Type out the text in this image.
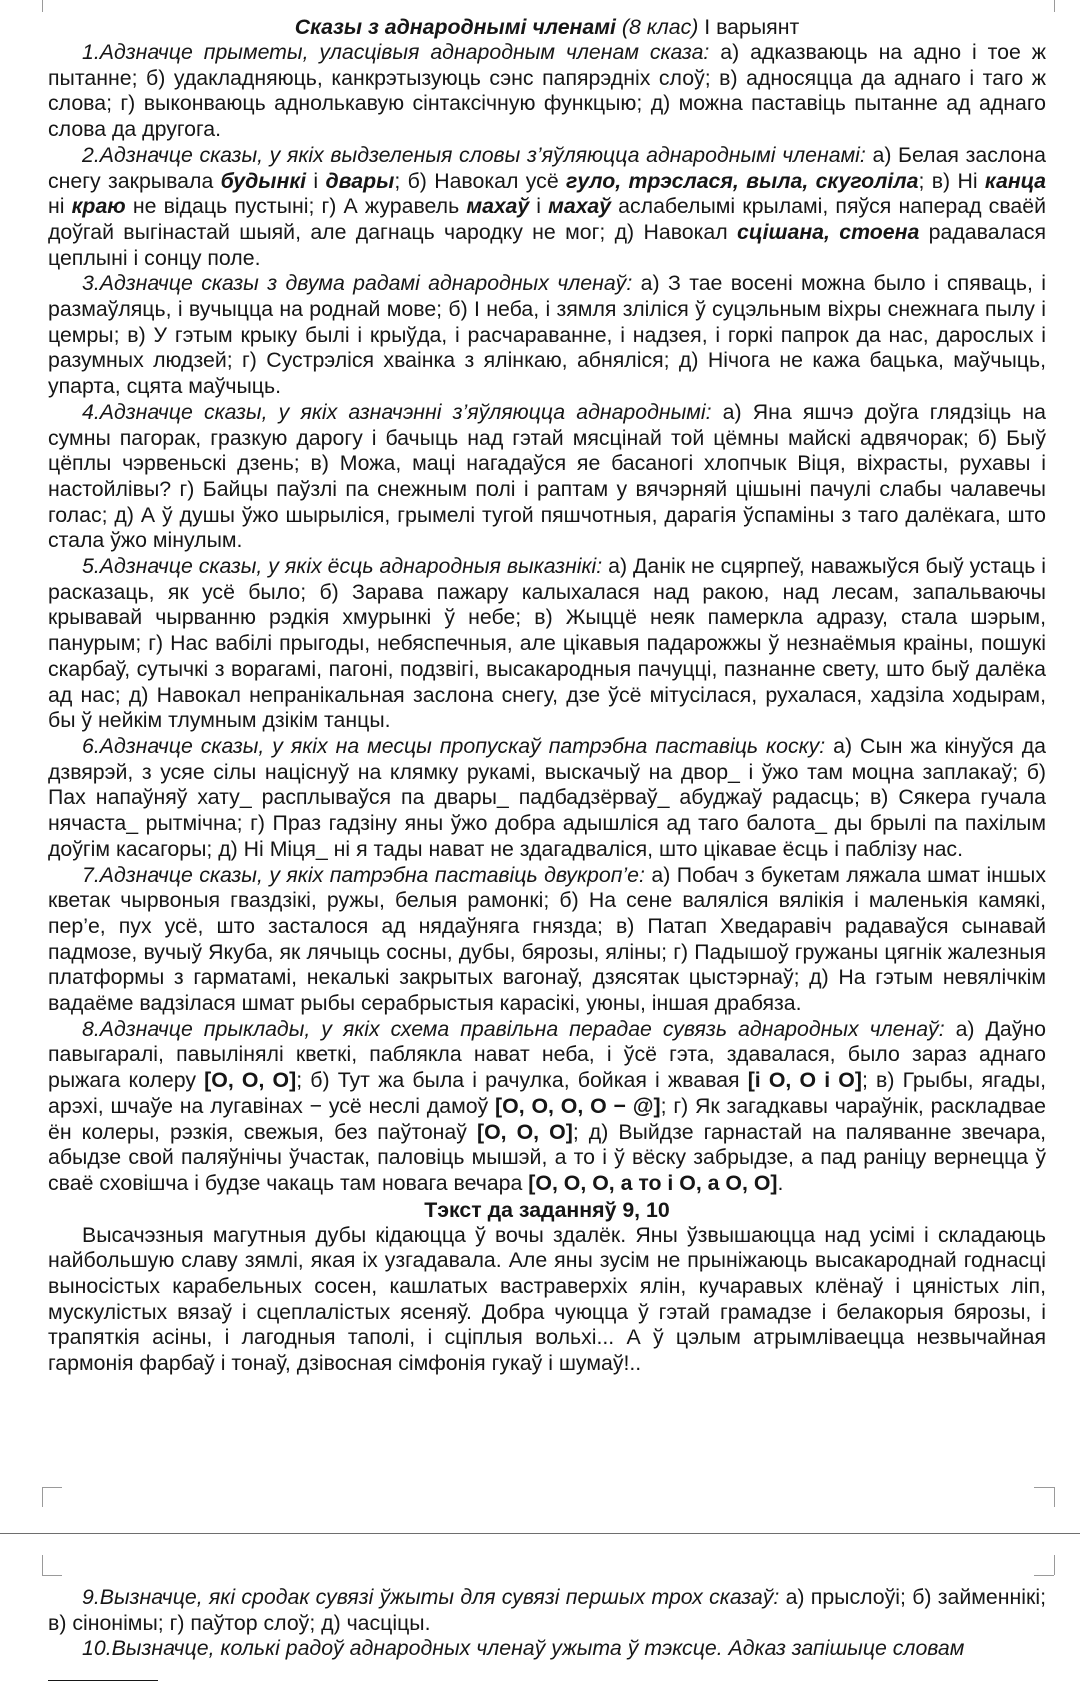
Сказы з аднароднымі членамі (8 клас) І варыянт

1.Адзначце прыметы, уласцівыя аднародным членам сказа: а) адказваюць на адно і тое ж пытанне; б) удакладняюць, канкрэтызуюць сэнс папярэдніх слоў; в) адносяцца да аднаго і таго ж слова; г) выконваюць аднолькавую сінтаксічную функцыю; д) можна паставіць пытанне ад аднаго слова да другога.

2.Адзначце сказы, у якіх выдзеленыя словы з’яўляюцца аднароднымі членамі: а) Белая заслона снегу закрывала будынкі і двары; б) Навокал усё гуло, трэслася, выла, скуголіла; в) Ні канца ні краю не відаць пустыні; г) А журавель махаў і махаў аслабелымі крыламі, пяўся наперад сваёй доўгай выгінастай шыяй, але дагнаць чародку не мог; д) Навокал сцішана, стоена радавалася цеплыні і сонцу поле.

3.Адзначце сказы з двума радамі аднародных членаў: а) З тае восені можна было і спяваць, і размаўляць, і вучыцца на роднай мове; б) І неба, і зямля зліліся ў суцэльным віхры снежнага пылу і цемры; в) У гэтым крыку былі і крыўда, і расчараванне, і надзея, і горкі папрок да нас, дарослых і разумных людзей; г) Сустрэліся хваінка з ялінкаю, абняліся; д) Нічога не кажа бацька, маўчыць, упарта, сцята маўчыць.

4.Адзначце сказы, у якіх азначэнні з’яўляюцца аднароднымі: а) Яна яшчэ доўга глядзіць на сумны пагорак, гразкую дарогу і бачыць над гэтай мясцінай той цёмны майскі адвячорак; б) Быў цёплы чэрвеньскі дзень; в) Можа, маці нагадаўся яе басаногі хлопчык Віця, віхрасты, рухавы і настойлівы? г) Байцы паўзлі па снежным полі і раптам у вячэрняй цішыні пачулі слабы чалавечы голас; д) А ў душы ўжо шырыліся, грымелі тугой пяшчотныя, дарагія ўспаміны з таго далёкага, што стала ўжо мінулым.

5.Адзначце сказы, у якіх ёсць аднародныя выказнікі: а) Данік не сцярпеў, наважыўся быў устаць і расказаць, як усё было; б) Зарава пажару калыхалася над ракою, над лесам, запальваючы крывавай чырванню рэдкія хмурынкі ў небе; в) Жыццё неяк памеркла адразу, стала шэрым, панурым; г) Нас вабілі прыгоды, небяспечныя, але цікавыя падарожжы ў незнаёмыя краіны, пошукі скарбаў, сутычкі з ворагамі, пагоні, подзвігі, высакародныя пачуцці, пазнанне свету, што быў далёка ад нас; д) Навокал непранікальная заслона снегу, дзе ўсё мітусілася, рухалася, хадзіла ходырам, бы ў нейкім тлумным дзікім танцы.

6.Адзначце сказы, у якіх на месцы пропускаў патрэбна паставіць коску: а) Сын жа кінуўся да дзвярэй, з усяе сілы націснуў на клямку рукамі, выскачыў на двор_ і ўжо там моцна заплакаў; б) Пах напаўняў хату_ расплываўся па двары_ падбадзёрваў_ абуджаў радасць; в) Сякера гучала нячаста_ рытмічна; г) Праз гадзіну яны ўжо добра адышліся ад таго балота_ ды брылі па пахілым доўгім касагоры; д) Ні Міця_ ні я тады нават не здагадваліся, што цікавае ёсць і паблізу нас.

7.Адзначце сказы, у якіх патрэбна паставіць двукроп’е: а) Побач з букетам ляжала шмат іншых кветак чырвоныя гваздзікі, ружы, белыя рамонкі; б) На сене валяліся вялікія і маленькія камякі, пер’е, пух усё, што засталося ад нядаўняга гнязда; в) Патап Хведаравіч радаваўся сынавай падмозе, вучыў Якуба, як лячыць сосны, дубы, бярозы, яліны; г) Падышоў гружаны цягнік жалезныя платформы з гарматамі, некалькі закрытых вагонаў, дзясятак цыстэрнаў; д) На гэтым невялічкім вадаёме вадзілася шмат рыбы серабрыстыя карасікі, уюны, іншая драбяза.

8.Адзначце прыклады, у якіх схема правільна перадае сувязь аднародных членаў: а) Даўно павыгаралі, павылінялі кветкі, паблякла нават неба, і ўсё гэта, здавалася, было зараз аднаго рыжага колеру [О, О, О]; б) Тут жа была і рачулка, бойкая і жвавая [і О, О і О]; в) Грыбы, ягады, арэхі, шчаўе на лугавінах − усё неслі дамоў [О, О, О, О − @]; г) Як загадкавы чараўнік, раскладвае ён колеры, рэзкія, свежыя, без паўтонаў [О, О, О]; д) Выйдзе гарнастай на паляванне звечара, абыдзе свой паляўнічы ўчастак, паловіць мышэй, а то і ў вёску забрыдзе, а пад раніцу вернецца ў сваё сховішча і будзе чакаць там новага вечара [О, О, О, а то і О, а О, О].

Тэкст да заданняў 9, 10

Высачэзныя магутныя дубы кідаюцца ў вочы здалёк. Яны ўзвышаюцца над усімі і складаюць найбольшую славу зямлі, якая іх узгадавала. Але яны зусім не прыніжаюць высакароднай годнасці выносістых карабельных сосен, кашлатых вастраверхіх ялін, кучаравых клёнаў і цяністых ліп, мускулістых вязаў і сцеплалістых ясеняў. Добра чуюцца ў гэтай грамадзе і белакорыя бярозы, і трапяткія асіны, і лагодныя таполі, і сціплыя вольхі... А ў цэлым атрымліваецца незвычайная гармонія фарбаў і тонаў, дзівосная сімфонія гукаў і шумаў!..

9.Вызначце, які сродак сувязі ўжыты для сувязі першых трох сказаў: а) прыслоўі; б) займеннікі; в) сінонімы; г) паўтор слоў; д) часціцы.

10.Вызначце, колькі радоў аднародных членаў ужыта ў тэксце. Адказ запішыце словам
